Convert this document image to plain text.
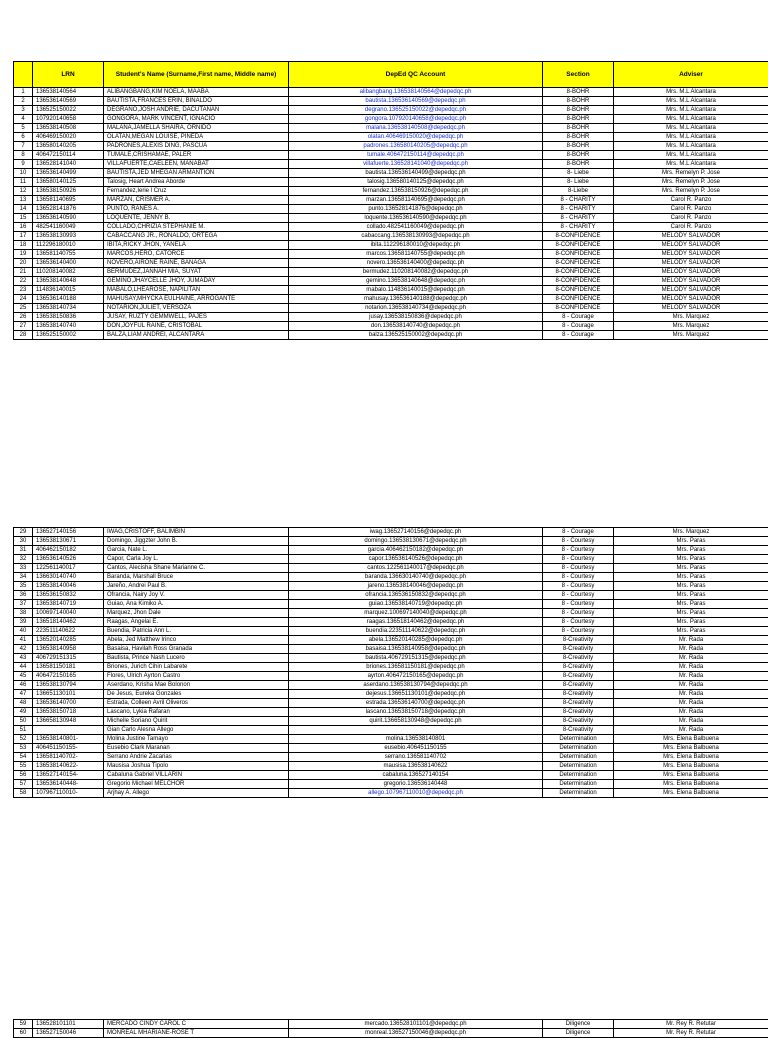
	LRN	Student's Name (Surname,First name, Middle name)	DepEd QC Account	Section	Adviser
1	136538140564	ALIBANGBANG,KIM NOELA, MAABA	alibangbang.136538140564@depedqc.ph	8-BOHR	Mrs. M.L Alcantara
2	136536140569	BAUTISTA,FRANCES ERIN, BINALDO	bautista.136536140569@depedqc.ph	8-BOHR	Mrs. M.L Alcantara
3	136525150022	DEGRANO,JOSH ANDRIE, DACUTANAN	degrano.136525150022@depedqc.ph	8-BOHR	Mrs. M.L Alcantara
4	107920140658	GONGORA, MARK VINCENT, IGNACIO	gongora.107920140658@depedqc.ph	8-BOHR	Mrs. M.L Alcantara
5	136538140508	MALANA,JAMELLA SHAIRA, ORNIDO	malana.136538140508@depedqc.ph	8-BOHR	Mrs. M.L Alcantara
6	406469150020	OLATAN,MEGAN LOUISE, PINEDA	olatan.406469150020@depedqc.ph	8-BOHR	Mrs. M.L Alcantara
7	136580140205	PADRONES,ALEXIS DING, PASCUA	padrones.136580140205@depedqc.ph	8-BOHR	Mrs. M.L Alcantara
8	406472150114	TUMALE,CRISHAMAE, PALER	tumale.406472150114@depedqc.ph	8-BOHR	Mrs. M.L Alcantara
9	136528141040	VILLAFUERTE,CAELEEN, MANABAT	villafuerte.136528141040@depedqc.ph	8-BOHR	Mrs. M.L Alcantara
10	136536140499	BAUTISTA,JED MHEGAN ARMANTION	bautista.136536140499@depedqc.ph	8- Liebe	Mrs. Remelyn P. Jose
11	136580140125	Talosig, Heart Andrea Aborde	talosig.136580140125@depedqc.ph	8- Liebe	Mrs. Remelyn P. Jose
12	136538150926	Fernandez,Ierie l Cruz	fernandez.136538150926@depedqc.ph	8-Liebe	Mrs. Remelyn P. Jose
13	136581140695	MARZAN, CRISMER A.	marzan.136581140695@depedqc.ph	8 - CHARITY	Carol R. Panzo
14	136528141876	PUNTO, RANES A.	punto.136528141876@depedqc.ph	8 - CHARITY	Carol R. Panzo
15	136536140590	LOQUENTE, JENNY B.	loquente.136536140590@depedqc.ph	8 - CHARITY	Carol R. Panzo
16	482541160049	COLLADO,CHRIZIA STEPHANIE M.	collado.482541160049@depedqc.ph	8 - CHARITY	Carol R. Panzo
17	136538130993	CABACCANG JR., RONALDO, ORTEGA	cabaccang.136538130993@depedqc.ph	8-CONFIDENCE	MELODY SALVADOR
18	112296180010	IBITA,RICKY JHON, YANELA	ibita.112296180010@depedqc.ph	8-CONFIDENCE	MELODY SALVADOR
19	136581140755	MARCOS,HERO, CATORCE	marcos.136581140755@depedqc.ph	8-CONFIDENCE	MELODY SALVADOR
20	136536140400	NOVERO,AIRONE RAINE, BANAGA	novero.136536140400@depedqc.ph	8-CONFIDENCE	MELODY SALVADOR
21	110208140082	BERMUDEZ,JANNAH MIA, SUYAT	bermudez.110208140082@depedqc.ph	8-CONFIDENCE	MELODY SALVADOR
22	136538140648	GEMINO,JHAYCELLE JHOY, JUMADAY	gemino.136538140648@depedqc.ph	8-CONFIDENCE	MELODY SALVADOR
23	114836140015	MABALO,LHEAROSE, NAPILITAN	mabalo.114836140015@depedqc.ph	8-CONFIDENCE	MELODY SALVADOR
24	136536140188	MAHUSAY,MHYCKA EULHAINE, ARROGANTE	mahusay.136536140188@depedqc.ph	8-CONFIDENCE	MELODY SALVADOR
25	136538140734	NOTARION,JULIET, VERSOZA	notarion.136538140734@depedqc.ph	8-CONFIDENCE	MELODY SALVADOR
26	136538150836	JUSAY, RUZTY GEMMWELL, PAJES	jusay.136538150836@depedqc.ph	8 - Courage	Mrs. Marquez
27	136538140740	DON,JOYFUL RAINE, CRISTOBAL	don.136538140740@depedqc.ph	8 - Courage	Mrs. Marquez
28	136525150002	BALZA,LIAM ANDREI, ALCANTARA	balza.136525150002@depedqc.ph	8 - Courage	Mrs. Marquez
29	136527140156	IWAG,CRISTOFF, BALIMBIN	iwag.136527140156@depedqc.ph	8 - Courage	Mrs. Marquez
30	136538130671	Domingo, Jiggzter John B.	domingo.136538130671@depedqc.ph	8 - Courtesy	Mrs. Paras
31	406462150182	Garcia, Nate L.	garcia.406462150182@depedqc.ph	8 - Courtesy	Mrs. Paras
32	136536140526	Capor, Carla Joy L.	capor.136536140526@depedqc.ph	8 - Courtesy	Mrs. Paras
33	122561140017	Cantos, Alecisha Shane Marianne C.	cantos.122561140017@depedqc.ph	8 - Courtesy	Mrs. Paras
34	136630140740	Baranda, Marshall Bruce	baranda.136630140740@depedqc.ph	8 - Courtesy	Mrs. Paras
35	136538140046	Jareño, Andrei Paul B.	jareno.136538140046@depedqc.ph	8 - Courtesy	Mrs. Paras
36	136536150832	Ofrancia, Nairy Joy V.	ofrancia.136536150832@depedqc.ph	8 - Courtesy	Mrs. Paras
37	136538140719	Guiao, Ana Kimiko A.	guiao.136538140719@depedqc.ph	8 - Courtesy	Mrs. Paras
38	100697140040	Marquez, Jhon Dale	marquez.100697140040@depedqc.ph	8 - Courtesy	Mrs. Paras
39	136518140462	Raagas, Angelai E.	raagas.136518140462@depedqc.ph	8 - Courtesy	Mrs. Paras
40	223511140622	Buendia, Patricia Ann L.	buendia.223511140622@depedqc.ph	8 - Courtesy	Mrs. Paras
41	136520140285	Abela, Jed Matthew Irinco	abela.136520140285@depedqc.ph	8-Creativity	Mr. Rada
42	136538140958	Basaisa, Havilah Ross Granada	basaisa.136538140958@depedqc.ph	8-Creativity	Mr. Rada
43	406729151315	Bautista, Prince Nash Lucero	bautista.406729151315@depedqc.ph	8-Creativity	Mr. Rada
44	136581150181	Briones, Jurich Cihin Labarete	briones.136581150181@depedqc.ph	8-Creativity	Mr. Rada
45	406472150165	Flores, Ulrich Ayrton Castro	ayrton.406472150165@depedqc.ph	8-Creativity	Mr. Rada
46	136538130794	Aserdano, Krisha Mae Bolonon	aserdano.136538130794@depedqc.ph	8-Creativity	Mr. Rada
47	136651130101	De Jesus, Eureka Gonzales	dejesus.136651130101@depedqc.ph	8-Creativity	Mr. Rada
48	136536140700	Estrada, Colleen Avril Oliveros	estrada.136536140700@depedqc.ph	8-Creativity	Mr. Rada
49	136538150718	Lascano, Lykia Rafaran	lascano.136538150718@depedqc.ph	8-Creativity	Mr. Rada
50	136658130948	Michelle Soriano Quirit	quirit.136658130948@depedqc.ph	8-Creativity	Mr. Rada
51		Gian Carlo Alesna Allego		8-Creativity	Mr. Rada
52	136538140801-	Molina Justine Tamayo	molina.136538140801	Determination	Mrs. Elena Balbuena
53	406451150155-	Eusebio Clark Maranan	eusebio.406451150155	Determination	Mrs. Elena Balbuena
54	136581140702-	Serrano Andrie Zacarias	serrano.136581140702	Determination	Mrs. Elena Balbuena
55	136538140622-	Mausisa Joshua Tipolo	mausisa.136538140622	Determination	Mrs. Elena Balbuena
56	136527140154-	Cabaluna Gabriel VILLARIN	cabaluna.136527140154	Determination	Mrs. Elena Balbuena
57	136536140448-	Gregorio Michael MELCHOR	gregorio.136536140448	Determination	Mrs. Elena Balbuena
58	107967110010-	Arjhay A. Allego	allego.107967110010@depedqc.ph	Determination	Mrs. Elena Balbuena
59	136528101101	MERCADO CINDY CAROL C	mercado.136528101101@depedqc.ph	Diligence	Mr. Rey R. Retutar
60	136527150046	MONREAL MHARIANE-ROSE T	monreal.136527150046@depedqc.ph	Diligence	Mr. Rey R. Retutar
